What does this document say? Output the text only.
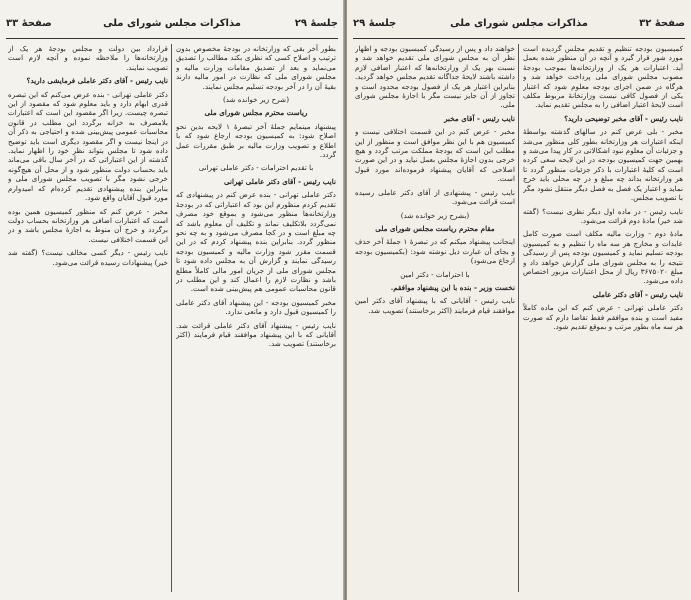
صفحهٔ ۳۳	مذاکرات مجلس شورای ملی	جلسهٔ ۲۹

بطور آخر بقی که وزارتخانه در بودجهٔ مخصوص بدون ترتیب و اصلاح کسی که نظری بکند مطالب را تصدیق می‌نماید و بعد از تصدیق مقامات وزارت مالیه و مجلس شورای ملی که نظارت در امور مالیه دارند بقیهٔ آن را در آخر بودجه تسلیم مجلس نمایند.

(شرح زیر خوانده شد)

ریاست محترم مجلس شورای ملی

پیشنهاد مینمایم جملهٔ آخر تبصرهٔ ۱ لایحه بدین نحو اصلاح شود: به کمیسیون بودجه ارجاع شود که با اطلاع و تصویب وزارت مالیه بر طبق مقررات عمل گردد.

با تقدیم احترامات - دکتر عاملی تهرانی

نایب رئیس - آقای دکتر عاملی تهرانی

دکتر عاملی تهرانی - بنده عرض کنم در پیشنهادی که تقدیم کردم منظورم این بود که اعتباراتی که در بودجهٔ وزارتخانه‌ها منظور می‌شود و بموقع خود مصرف نمی‌گردد بلاتکلیف نماند و تکلیف آن معلوم باشد که چه مبلغ است و در کجا مصرف می‌شود و به چه نحو منظور گردد. بنابراین بنده پیشنهاد کردم که در این قسمت مقرر شود وزارت مالیه و کمیسیون بودجه رسیدگی نمایند و گزارش آن به مجلس داده شود تا مجلس شورای ملی از جریان امور مالی کاملاً مطلع باشد و نظارت لازم را اعمال کند و این مطلب در قانون محاسبات عمومی هم پیش‌بینی شده است.

مخبر کمیسیون بودجه - این پیشنهاد آقای دکتر عاملی را کمیسیون قبول دارد و مانعی ندارد.

نایب رئیس - پیشنهاد آقای دکتر عاملی قرائت شد. آقایانی که با این پیشنهاد موافقند قیام فرمایند (اکثر برخاستند) تصویب شد.

قرارداد بین دولت و مجلس بودجهٔ هر یک از وزارتخانه‌ها را ملاحظه نموده و آنچه لازم است تصویب نمایند.

نایب رئیس - آقای دکتر عاملی فرمایشی دارید؟

دکتر عاملی تهرانی - بنده عرض می‌کنم که این تبصره قدری ابهام دارد و باید معلوم شود که مقصود از این تبصره چیست. زیرا اگر مقصود این است که اعتبارات بلامصرف به خزانه برگردد این مطلب در قانون محاسبات عمومی پیش‌بینی شده و احتیاجی به ذکر آن در اینجا نیست و اگر مقصود دیگری است باید توضیح داده شود تا مجلس بتواند نظر خود را اظهار نماید. گذشته از این اعتباراتی که در آخر سال باقی می‌ماند باید بحساب دولت منظور شود و از محل آن هیچ‌گونه خرجی نشود مگر با تصویب مجلس شورای ملی و بنابراین بنده پیشنهادی تقدیم کرده‌ام که امیدوارم مورد قبول آقایان واقع شود.

مخبر - عرض کنم که منظور کمیسیون همین بوده است که اعتبارات اضافی هر وزارتخانه بحساب دولت برگردد و خرج آن منوط به اجازهٔ مجلس باشد و در این قسمت اختلافی نیست.

نایب رئیس - دیگر کسی مخالف نیست؟ (گفته شد خیر) پیشنهادات رسیده قرائت می‌شود.

جلسهٔ ۲۹	مذاکرات مجلس شورای ملی	صفحهٔ ۳۲

کمیسیون بودجه تنظیم و تقدیم مجلس گردیده است مورد شور قرار گیرد و آنچه در آن منظور شده بعمل آید. اعتبارات هر یک از وزارتخانه‌ها بموجب بودجهٔ مصوب مجلس شورای ملی پرداخت خواهد شد و هرگاه در ضمن اجرای بودجه معلوم شود که اعتبار یکی از فصول کافی نیست وزارتخانهٔ مربوط مکلف است لایحهٔ اعتبار اضافی را به مجلس تقدیم نماید.

نایب رئیس - آقای مخبر توضیحی دارید؟

مخبر - بلی عرض کنم در سالهای گذشته بواسطهٔ اینکه اعتبارات هر وزارتخانه بطور کلی منظور می‌شد و جزئیات آن معلوم نبود اشکالاتی در کار پیدا می‌شد و بهمین جهت کمیسیون بودجه در این لایحه سعی کرده است که کلیهٔ اعتبارات با ذکر جزئیات منظور گردد تا هر وزارتخانه بداند چه مبلغ و در چه محلی باید خرج نماید و اعتبار یک فصل به فصل دیگر منتقل نشود مگر با تصویب مجلس.

نایب رئیس - در ماده اول دیگر نظری نیست؟ (گفته شد خیر) مادهٔ دوم قرائت می‌شود.

مادهٔ دوم - وزارت مالیه مکلف است صورت کامل عایدات و مخارج هر سه ماه را تنظیم و به کمیسیون بودجه تسلیم نماید و کمیسیون بودجه پس از رسیدگی نتیجه را به مجلس شورای ملی گزارش خواهد داد و مبلغ ۳۶۷۵۰۲۰ ریال از محل اعتبارات مزبور اختصاص داده می‌شود.

نایب رئیس - آقای دکتر عاملی

دکتر عاملی تهرانی - عرض کنم که این ماده کاملاً مفید است و بنده موافقم فقط تقاضا دارم که صورت هر سه ماه بطور مرتب و بموقع تقدیم شود.

خواهند داد و پس از رسیدگی کمیسیون بودجه و اظهار نظر آن به مجلس شورای ملی تقدیم خواهد شد و نسبت بهر یک از وزارتخانه‌ها که اعتبار اضافی لازم داشته باشند لایحهٔ جداگانه تقدیم مجلس خواهد گردید. بنابراین اعتبار هر یک از فصول بودجه محدود است و تجاوز از آن جایز نیست مگر با اجازهٔ مجلس شورای ملی.

نایب رئیس - آقای مخبر

مخبر - عرض کنم در این قسمت اختلافی نیست و کمیسیون هم با این نظر موافق است و منظور از این مطلب این است که بودجهٔ مملکت مرتب گردد و هیچ خرجی بدون اجازهٔ مجلس بعمل نیاید و در این صورت اصلاحی که آقایان پیشنهاد فرموده‌اند مورد قبول است.

نایب رئیس - پیشنهادی از آقای دکتر عاملی رسیده است قرائت می‌شود.

(بشرح زیر خوانده شد)

مقام محترم ریاست مجلس شورای ملی

اینجانب پیشنهاد میکنم که در تبصرهٔ ۱ جملهٔ آخر حذف و بجای آن عبارت ذیل نوشته شود: (بکمیسیون بودجه ارجاع می‌شود)

با احترامات - دکتر امین

نخست وزیر - بنده با این پیشنهاد موافقم.

نایب رئیس - آقایانی که با پیشنهاد آقای دکتر امین موافقند قیام فرمایند (اکثر برخاستند) تصویب شد.
